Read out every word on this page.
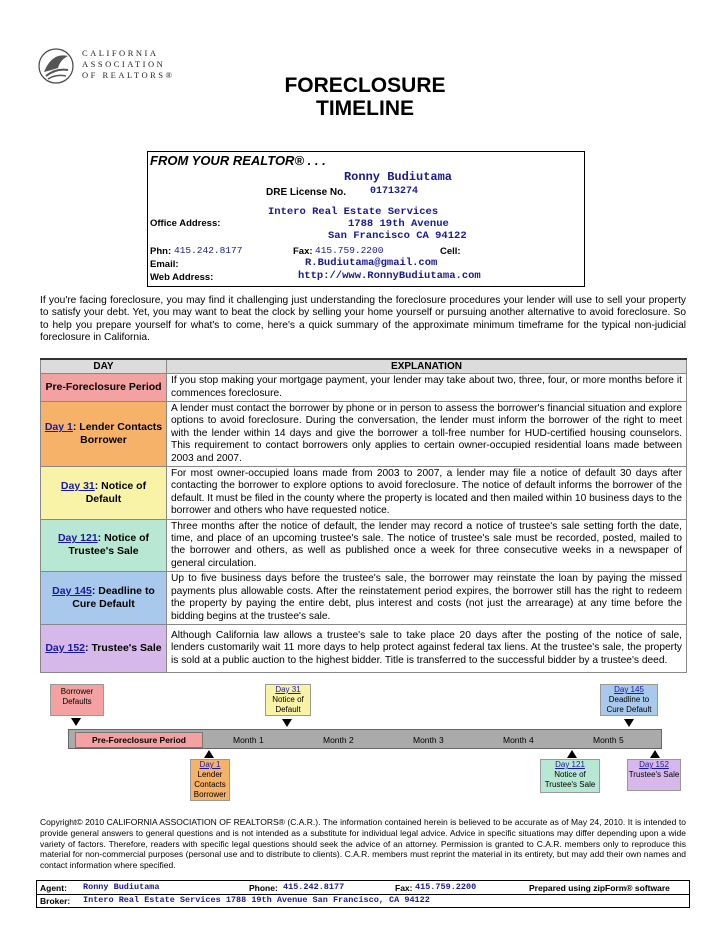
CALIFORNIA
ASSOCIATION
OF REALTORS®	FORECLOSURE
TIMELINE
FROM YOUR REALTOR® . . .
Ronny Budiutama
DRE License No. 01713274
Intero Real Estate Services
Office Address:	1788 19th Avenue
San Francisco CA 94122
Phn: 415.242.8177	Fax: 415.759.2200	Cell:
Email:	R.Budiutama@gmail.com
Web Address:	http://www.RonnyBudiutama.com
If you're facing foreclosure, you may find it challenging just understanding the foreclosure procedures your lender will use to sell your property to satisfy your debt. Yet, you may want to beat the clock by selling your home yourself or pursuing another alternative to avoid foreclosure. So to help you prepare yourself for what's to come, here's a quick summary of the approximate minimum timeframe for the typical non-judicial foreclosure in California.
DAY	EXPLANATION
Pre-Foreclosure Period	If you stop making your mortgage payment, your lender may take about two, three, four, or more months before it commences foreclosure.
Day 1: Lender Contacts Borrower	A lender must contact the borrower by phone or in person to assess the borrower's financial situation and explore options to avoid foreclosure. During the conversation, the lender must inform the borrower of the right to meet with the lender within 14 days and give the borrower a toll-free number for HUD-certified housing counselors. This requirement to contact borrowers only applies to certain owner-occupied residential loans made between 2003 and 2007.
Day 31: Notice of Default	For most owner-occupied loans made from 2003 to 2007, a lender may file a notice of default 30 days after contacting the borrower to explore options to avoid foreclosure. The notice of default informs the borrower of the default. It must be filed in the county where the property is located and then mailed within 10 business days to the borrower and others who have requested notice.
Day 121: Notice of Trustee's Sale	Three months after the notice of default, the lender may record a notice of trustee's sale setting forth the date, time, and place of an upcoming trustee's sale. The notice of trustee's sale must be recorded, posted, mailed to the borrower and others, as well as published once a week for three consecutive weeks in a newspaper of general circulation.
Day 145: Deadline to Cure Default	Up to five business days before the trustee's sale, the borrower may reinstate the loan by paying the missed payments plus allowable costs. After the reinstatement period expires, the borrower still has the right to redeem the property by paying the entire debt, plus interest and costs (not just the arrearage) at any time before the bidding begins at the trustee's sale.
Day 152: Trustee's Sale	Although California law allows a trustee's sale to take place 20 days after the posting of the notice of sale, lenders customarily wait 11 more days to help protect against federal tax liens. At the trustee's sale, the property is sold at a public auction to the highest bidder. Title is transferred to the successful bidder by a trustee's deed.
Borrower Defaults
Day 31
Notice of Default
Day 145
Deadline to Cure Default
Pre-Foreclosure Period	Month 1	Month 2	Month 3	Month 4	Month 5
Day 1
Lender Contacts Borrower
Day 121
Notice of Trustee's Sale
Day 152
Trustee's Sale
Copyright© 2010 CALIFORNIA ASSOCIATION OF REALTORS® (C.A.R.). The information contained herein is believed to be accurate as of May 24, 2010. It is intended to provide general answers to general questions and is not intended as a substitute for individual legal advice. Advice in specific situations may differ depending upon a wide variety of factors. Therefore, readers with specific legal questions should seek the advice of an attorney. Permission is granted to C.A.R. members only to reproduce this material for non-commercial purposes (personal use and to distribute to clients). C.A.R. members must reprint the material in its entirety, but may add their own names and contact information where specified.
Agent: Ronny Budiutama	Phone: 415.242.8177	Fax: 415.759.2200	Prepared using zipForm® software
Broker: Intero Real Estate Services 1788 19th Avenue San Francisco, CA 94122
